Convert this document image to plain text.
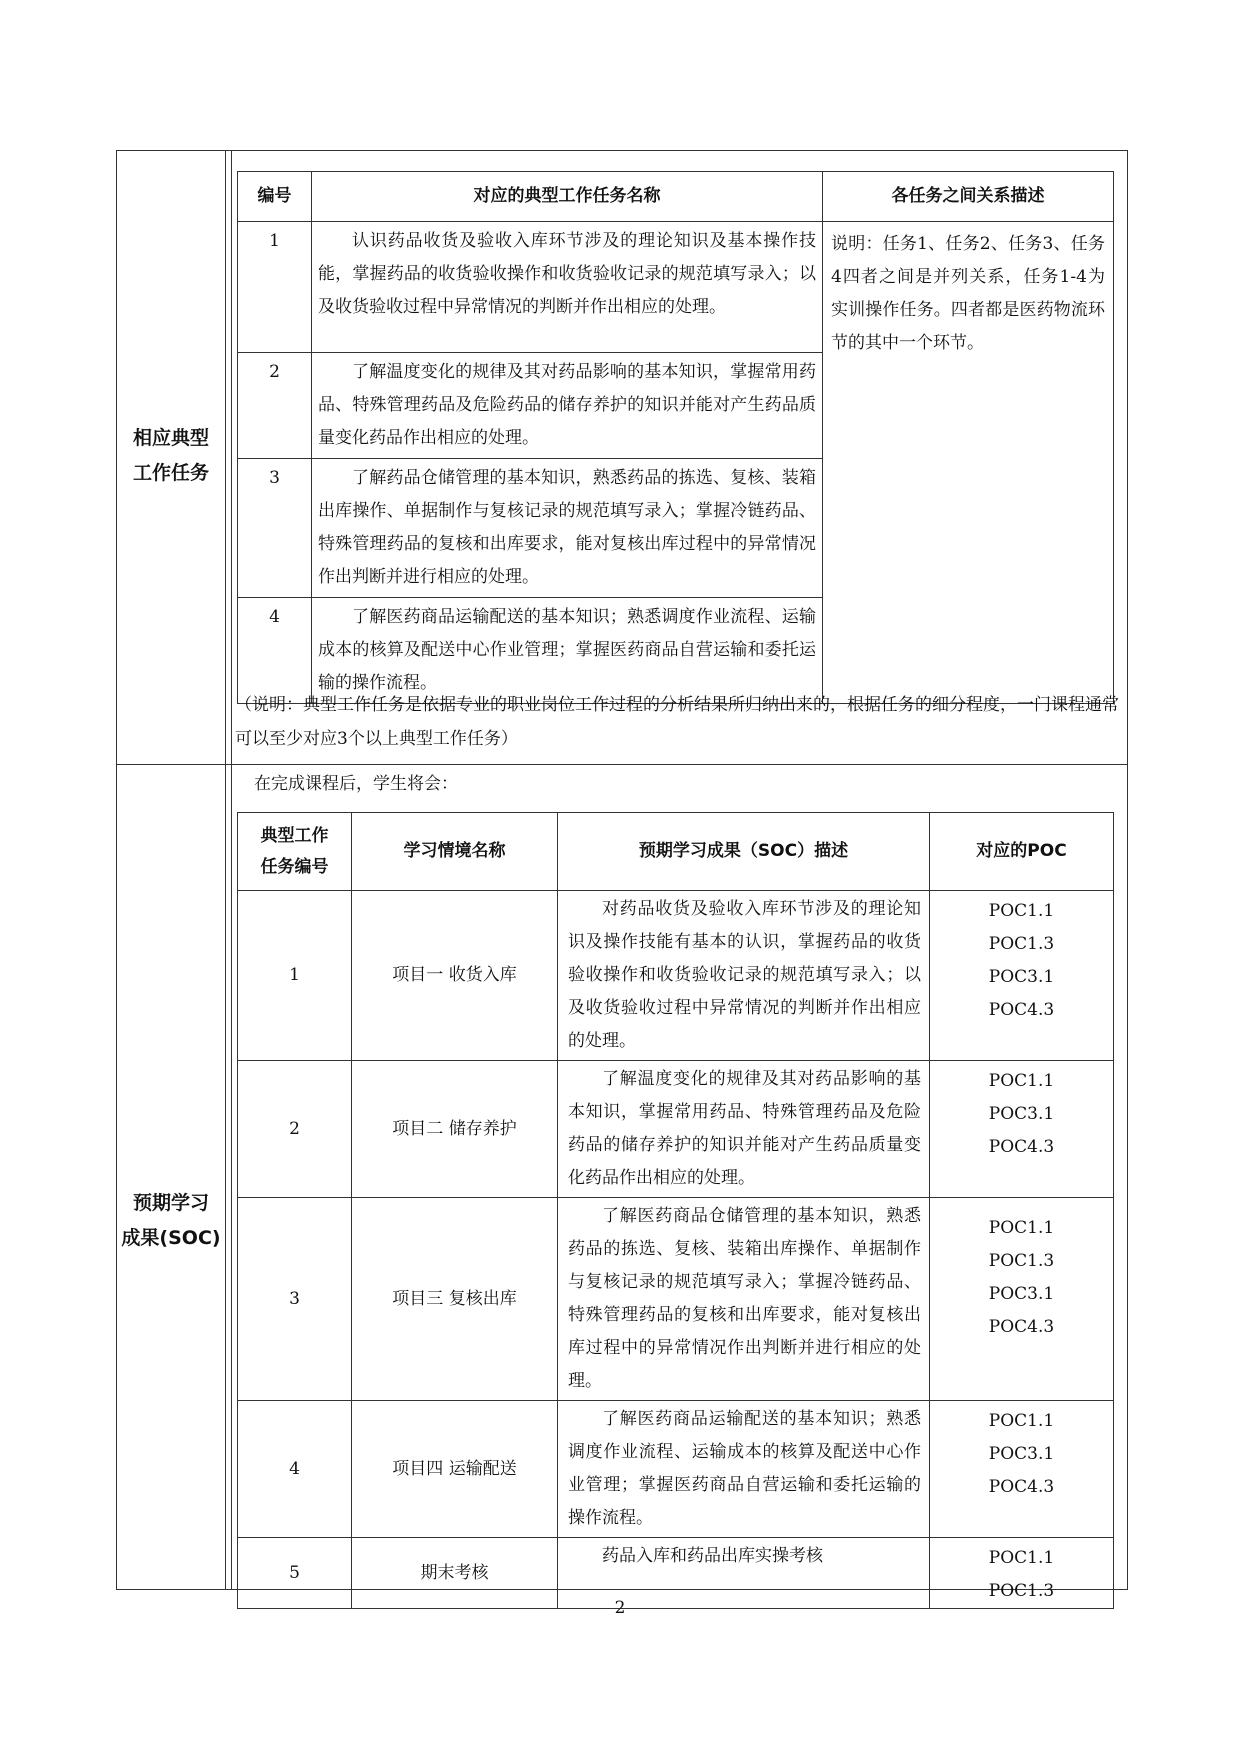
相应典型
工作任务
编号	对应的典型工作任务名称	各任务之间关系描述
1	认识药品收货及验收入库环节涉及的理论知识及基本操作技能，掌握药品的收货验收操作和收货验收记录的规范填写录入；以及收货验收过程中异常情况的判断并作出相应的处理。	说明：任务1、任务2、任务3、任务4四者之间是并列关系，任务1-4为实训操作任务。四者都是医药物流环节的其中一个环节。
2	了解温度变化的规律及其对药品影响的基本知识，掌握常用药品、特殊管理药品及危险药品的储存养护的知识并能对产生药品质量变化药品作出相应的处理。	
3	了解药品仓储管理的基本知识，熟悉药品的拣选、复核、装箱出库操作、单据制作与复核记录的规范填写录入；掌握冷链药品、特殊管理药品的复核和出库要求，能对复核出库过程中的异常情况作出判断并进行相应的处理。	
4	了解医药商品运输配送的基本知识；熟悉调度作业流程、运输成本的核算及配送中心作业管理；掌握医药商品自营运输和委托运输的操作流程。	
（说明：典型工作任务是依据专业的职业岗位工作过程的分析结果所归纳出来的，根据任务的细分程度，一门课程通常可以至少对应3个以上典型工作任务）
预期学习
成果(SOC)
在完成课程后，学生将会：
典型工作
任务编号	学习情境名称	预期学习成果（SOC）描述	对应的POC
1	项目一 收货入库	对药品收货及验收入库环节涉及的理论知识及操作技能有基本的认识，掌握药品的收货验收操作和收货验收记录的规范填写录入；以及收货验收过程中异常情况的判断并作出相应的处理。	POC1.1
POC1.3
POC3.1
POC4.3

2	项目二 储存养护	了解温度变化的规律及其对药品影响的基本知识，掌握常用药品、特殊管理药品及危险药品的储存养护的知识并能对产生药品质量变化药品作出相应的处理。	POC1.1
POC3.1
POC4.3

3	项目三 复核出库	了解医药商品仓储管理的基本知识，熟悉药品的拣选、复核、装箱出库操作、单据制作与复核记录的规范填写录入；掌握冷链药品、特殊管理药品的复核和出库要求，能对复核出库过程中的异常情况作出判断并进行相应的处理。	POC1.1
POC1.3
POC3.1
POC4.3

4	项目四 运输配送	了解医药商品运输配送的基本知识；熟悉调度作业流程、运输成本的核算及配送中心作业管理；掌握医药商品自营运输和委托运输的操作流程。	POC1.1
POC3.1
POC4.3

5	期末考核	药品入库和药品出库实操考核	POC1.1
POC1.3
2
